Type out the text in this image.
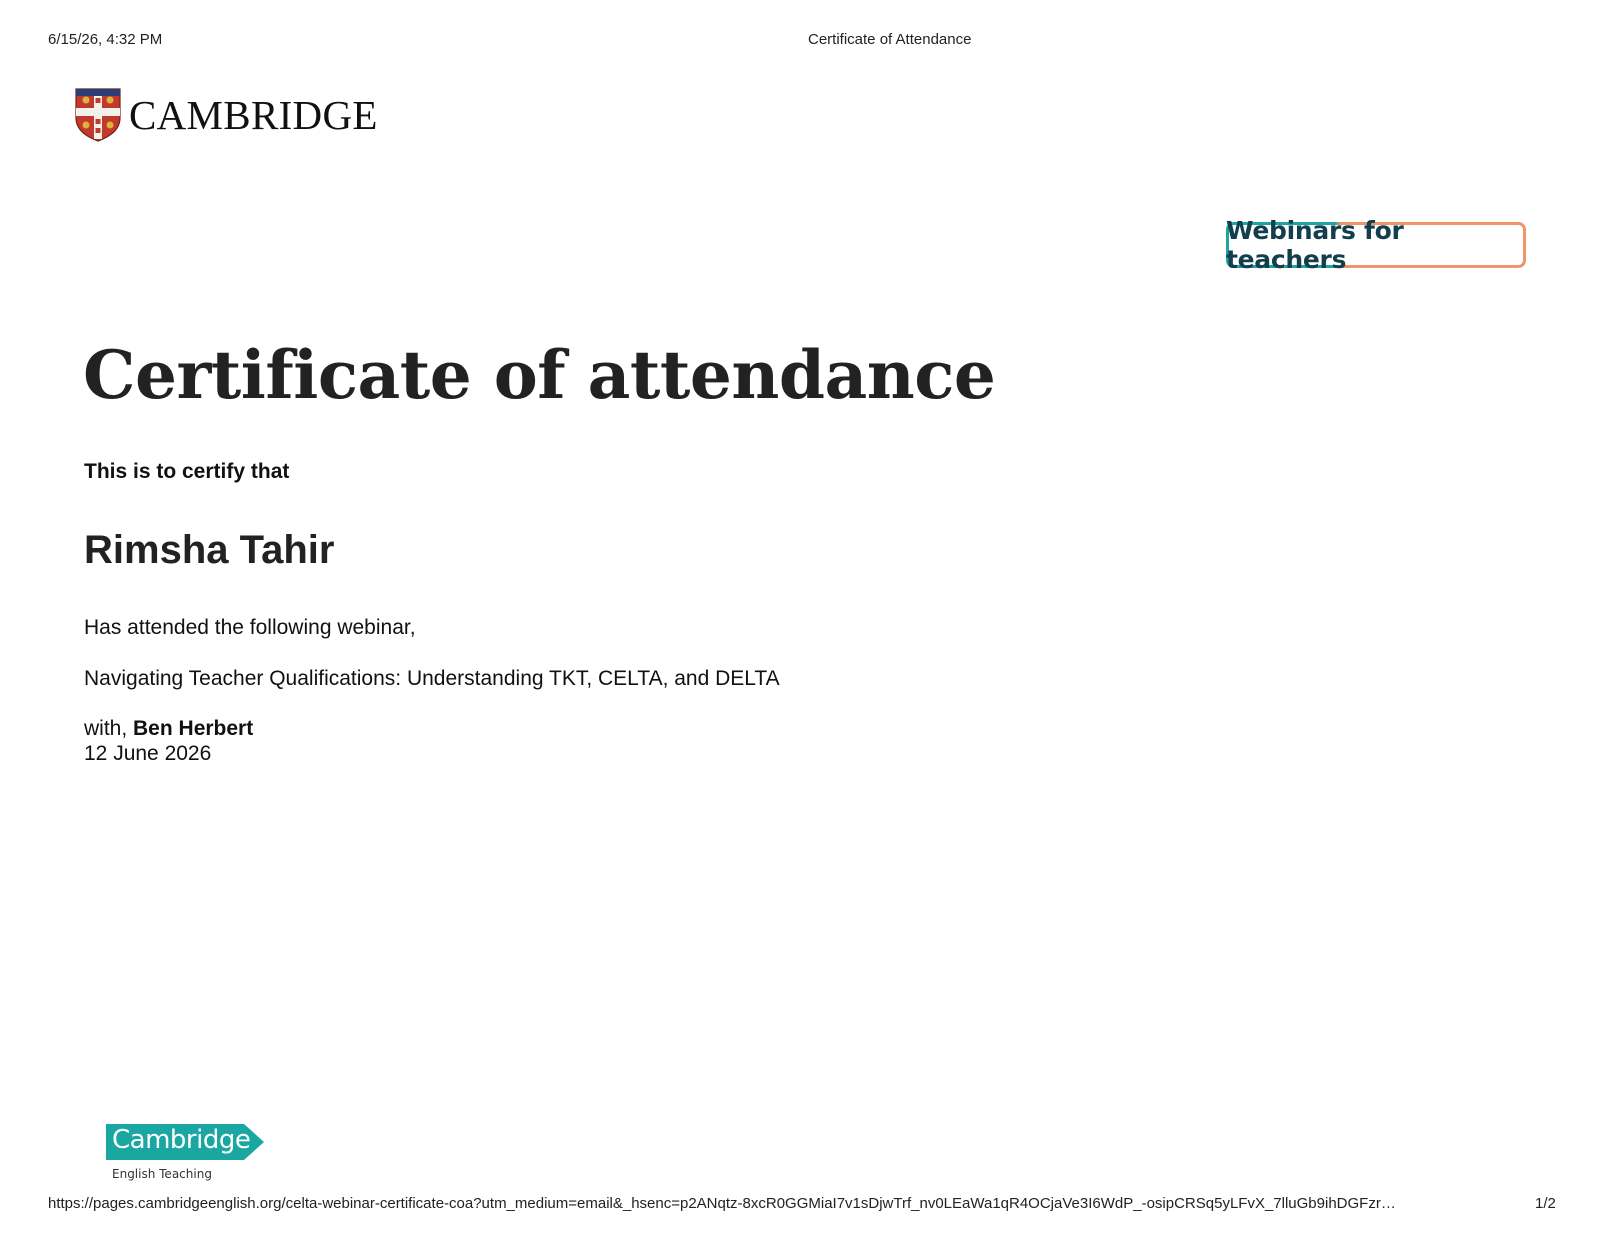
6/15/26, 4:32 PM	Certificate of Attendance
CAMBRIDGE
Webinars for teachers
Certificate of attendance
This is to certify that
Rimsha Tahir
Has attended the following webinar,
Navigating Teacher Qualifications: Understanding TKT, CELTA, and DELTA
with, Ben Herbert
12 June 2026
Cambridge
English Teaching
https://pages.cambridgeenglish.org/celta-webinar-certificate-coa?utm_medium=email&_hsenc=p2ANqtz-8xcR0GGMiaI7v1sDjwTrf_nv0LEaWa1qR4OCjaVe3I6WdP_-osipCRSq5yLFvX_7lluGb9ihDGFzr…	1/2
